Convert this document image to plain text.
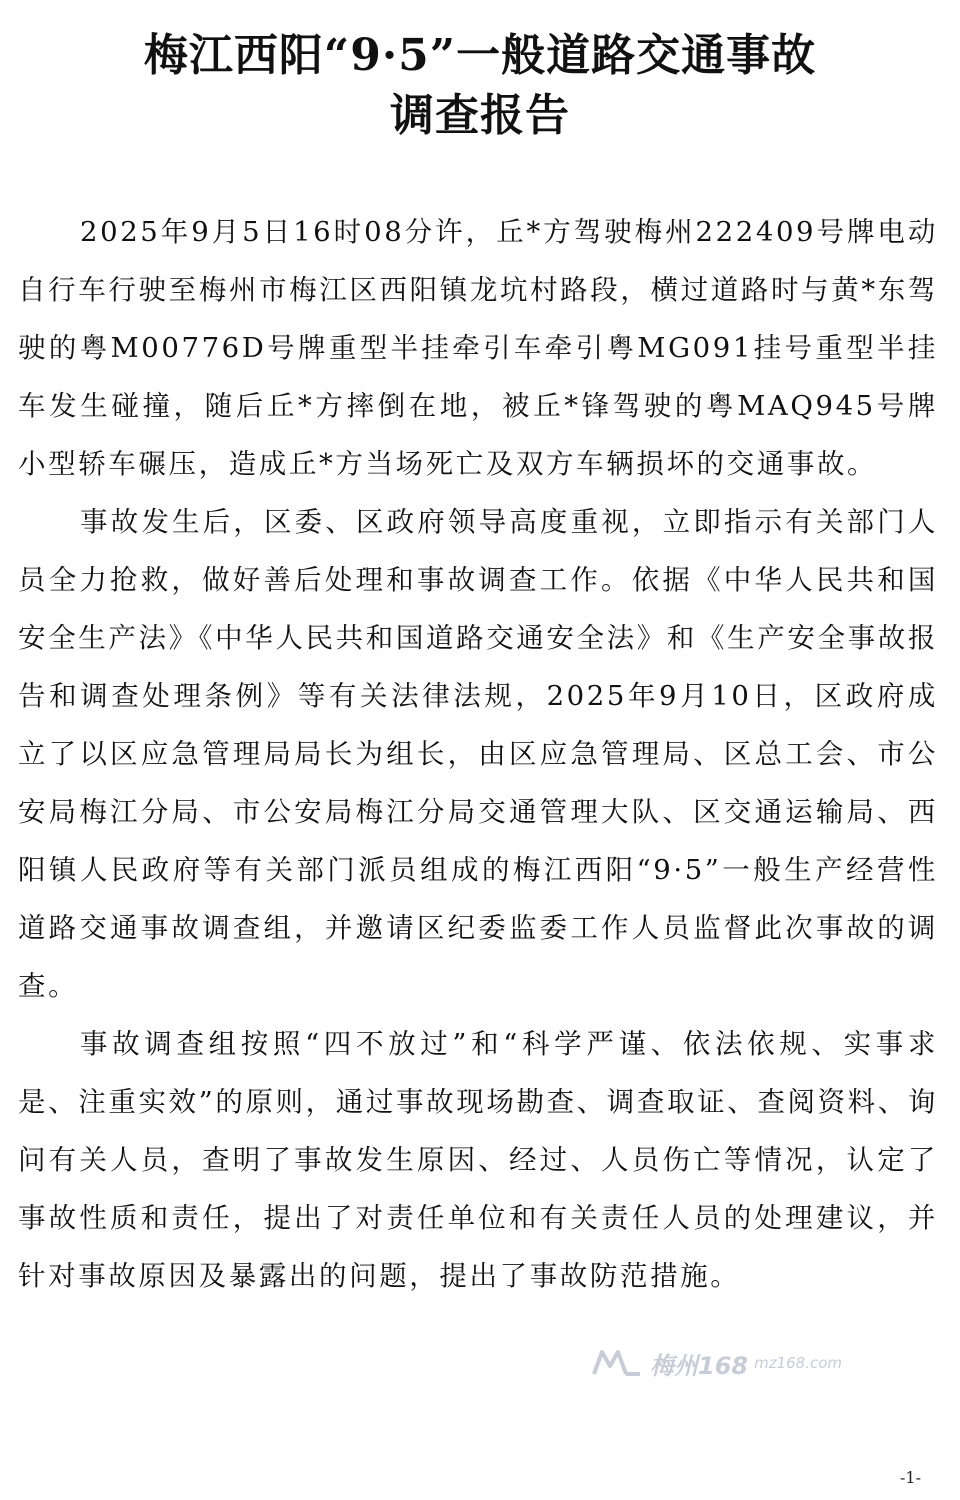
梅江西阳“9·5”一般道路交通事故
调查报告

2025年9月5日16时08分许，丘*方驾驶梅州222409号牌电动自行车行驶至梅州市梅江区西阳镇龙坑村路段，横过道路时与黄*东驾驶的粤M00776D号牌重型半挂牵引车牵引粤MG091挂号重型半挂车发生碰撞，随后丘*方摔倒在地，被丘*锋驾驶的粤MAQ945号牌小型轿车碾压，造成丘*方当场死亡及双方车辆损坏的交通事故。

事故发生后，区委、区政府领导高度重视，立即指示有关部门人员全力抢救，做好善后处理和事故调查工作。依据《中华人民共和国安全生产法》《中华人民共和国道路交通安全法》和《生产安全事故报告和调查处理条例》等有关法律法规，2025年9月10日，区政府成立了以区应急管理局局长为组长，由区应急管理局、区总工会、市公安局梅江分局、市公安局梅江分局交通管理大队、区交通运输局、西阳镇人民政府等有关部门派员组成的梅江西阳“9·5”一般生产经营性道路交通事故调查组，并邀请区纪委监委工作人员监督此次事故的调查。

事故调查组按照“四不放过”和“科学严谨、依法依规、实事求是、注重实效”的原则，通过事故现场勘查、调查取证、查阅资料、询问有关人员，查明了事故发生原因、经过、人员伤亡等情况，认定了事故性质和责任，提出了对责任单位和有关责任人员的处理建议，并针对事故原因及暴露出的问题，提出了事故防范措施。

梅州168 mz168.com
-1-
